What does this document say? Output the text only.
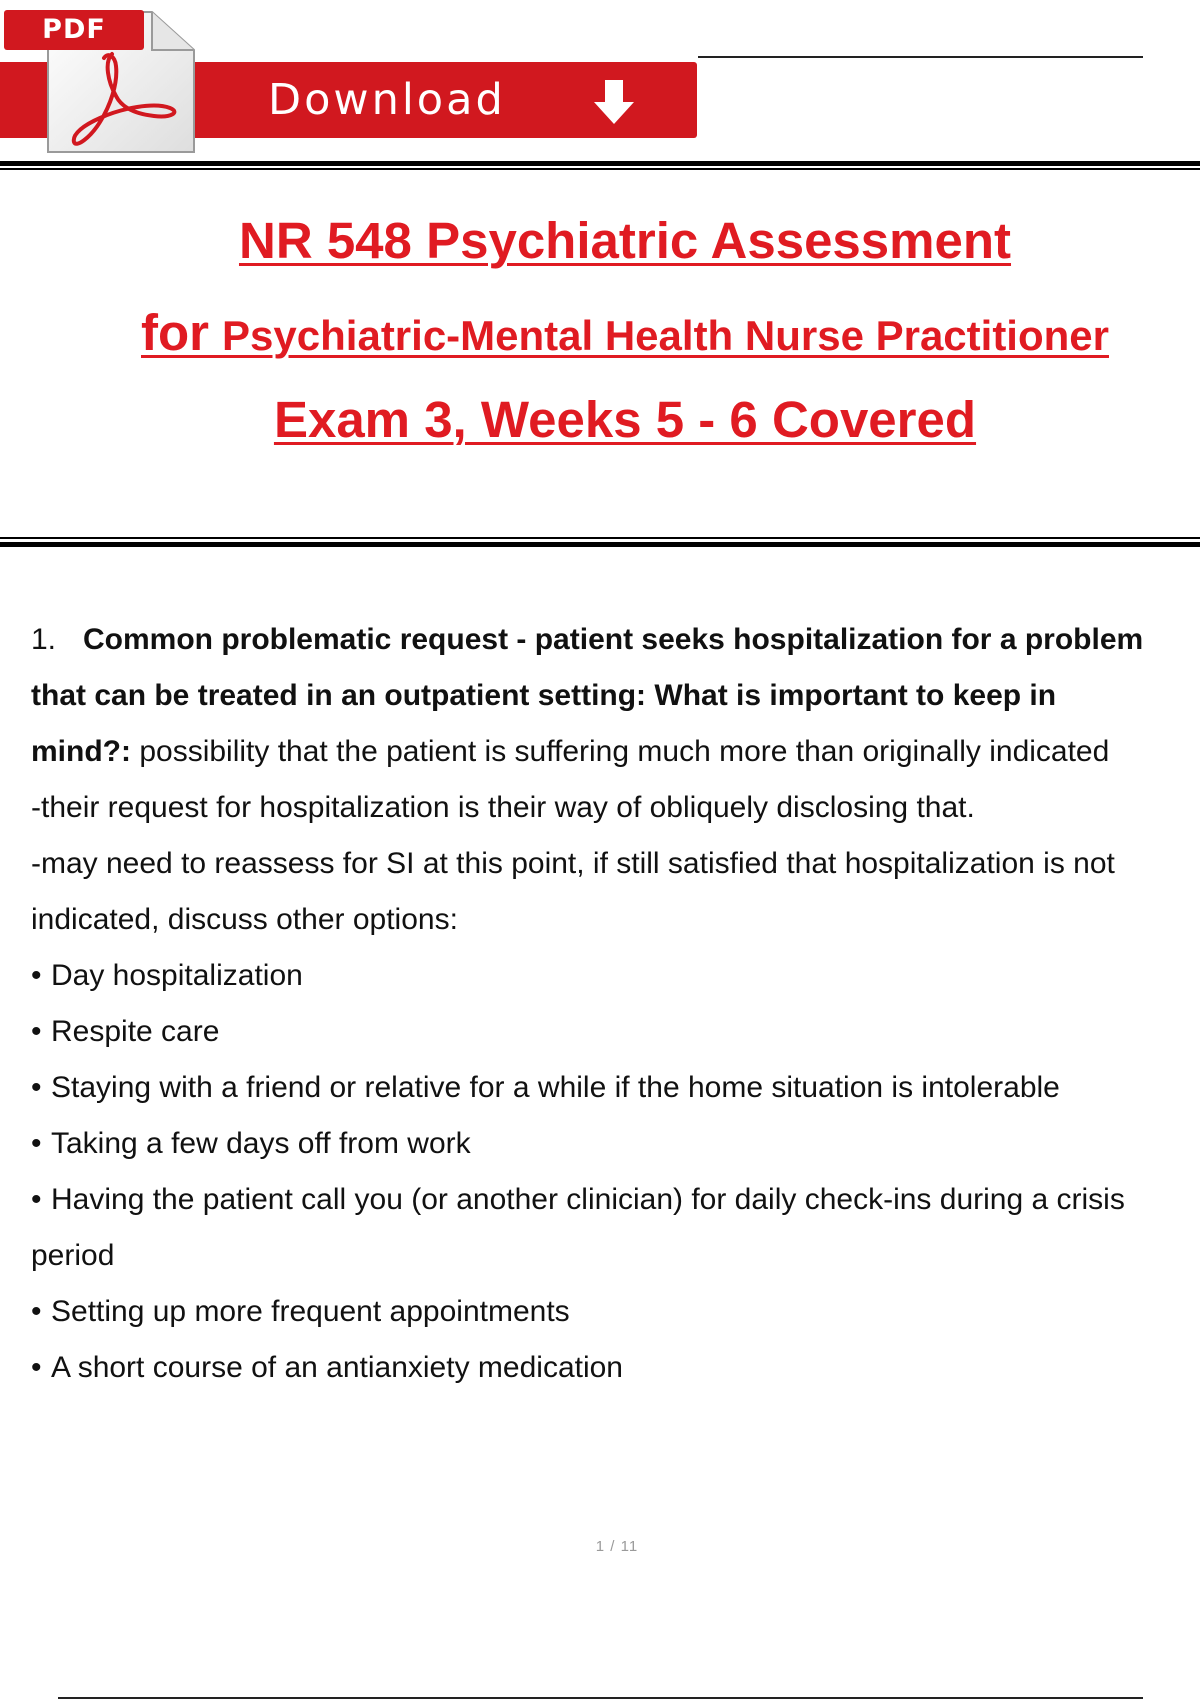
Download
PDF
NR 548 Psychiatric Assessment
for Psychiatric-Mental Health Nurse Practitioner
Exam 3, Weeks 5 - 6 Covered

1. Common problematic request - patient seeks hospitalization for a problem

that can be treated in an outpatient setting: What is important to keep in

mind?: possibility that the patient is suffering much more than originally indicated

-their request for hospitalization is their way of obliquely disclosing that.

-may need to reassess for SI at this point, if still satisfied that hospitalization is not

indicated, discuss other options:

• Day hospitalization

• Respite care

• Staying with a friend or relative for a while if the home situation is intolerable

• Taking a few days off from work

• Having the patient call you (or another clinician) for daily check-ins during a crisis

period

• Setting up more frequent appointments

• A short course of an antianxiety medication

1 / 11
